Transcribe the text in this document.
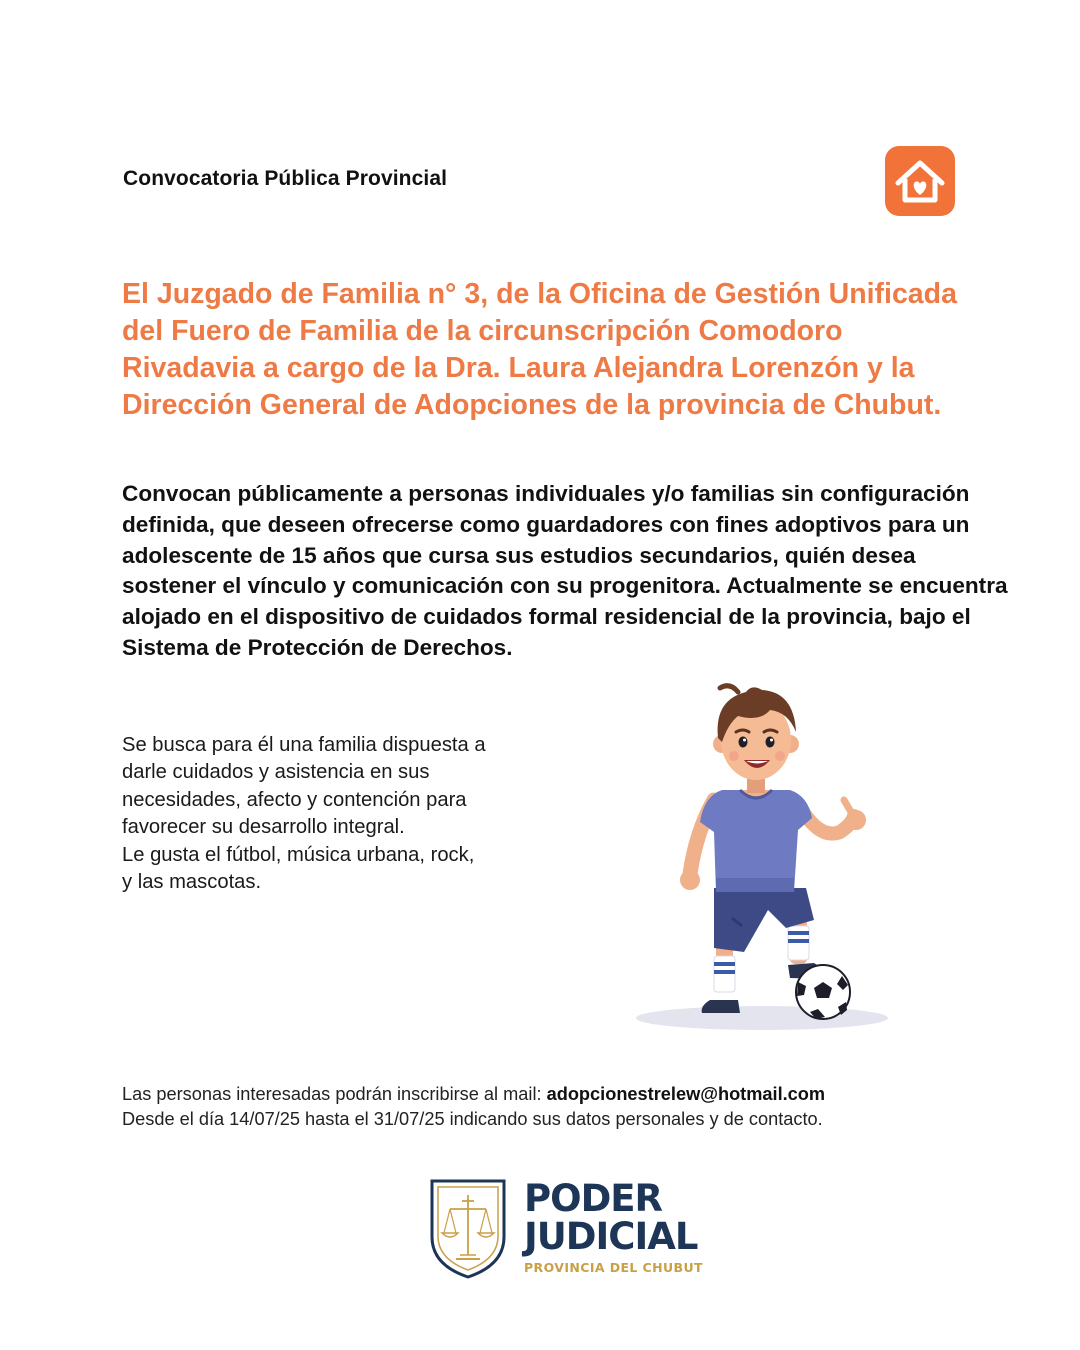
Convocatoria Pública Provincial

El Juzgado de Familia n° 3, de la Oficina de Gestión Unificada del Fuero de Familia de la circunscripción Comodoro Rivadavia a cargo de la Dra. Laura Alejandra Lorenzón y la Dirección General de Adopciones de la provincia de Chubut.

Convocan públicamente a personas individuales y/o familias sin configuración definida, que deseen ofrecerse como guardadores con fines adoptivos para un adolescente de 15 años que cursa sus estudios secundarios, quién desea sostener el vínculo y comunicación con su progenitora. Actualmente se encuentra alojado en el dispositivo de cuidados formal residencial de la provincia, bajo el Sistema de Protección de Derechos.

Se busca para él una familia dispuesta a
darle cuidados y asistencia en sus
necesidades, afecto y contención para
favorecer su desarrollo integral.
Le gusta el fútbol, música urbana, rock,
y las mascotas.

Las personas interesadas podrán inscribirse al mail: adopcionestrelew@hotmail.com
Desde el día 14/07/25 hasta el 31/07/25 indicando sus datos personales y de contacto.

PODER
JUDICIAL
PROVINCIA DEL CHUBUT
